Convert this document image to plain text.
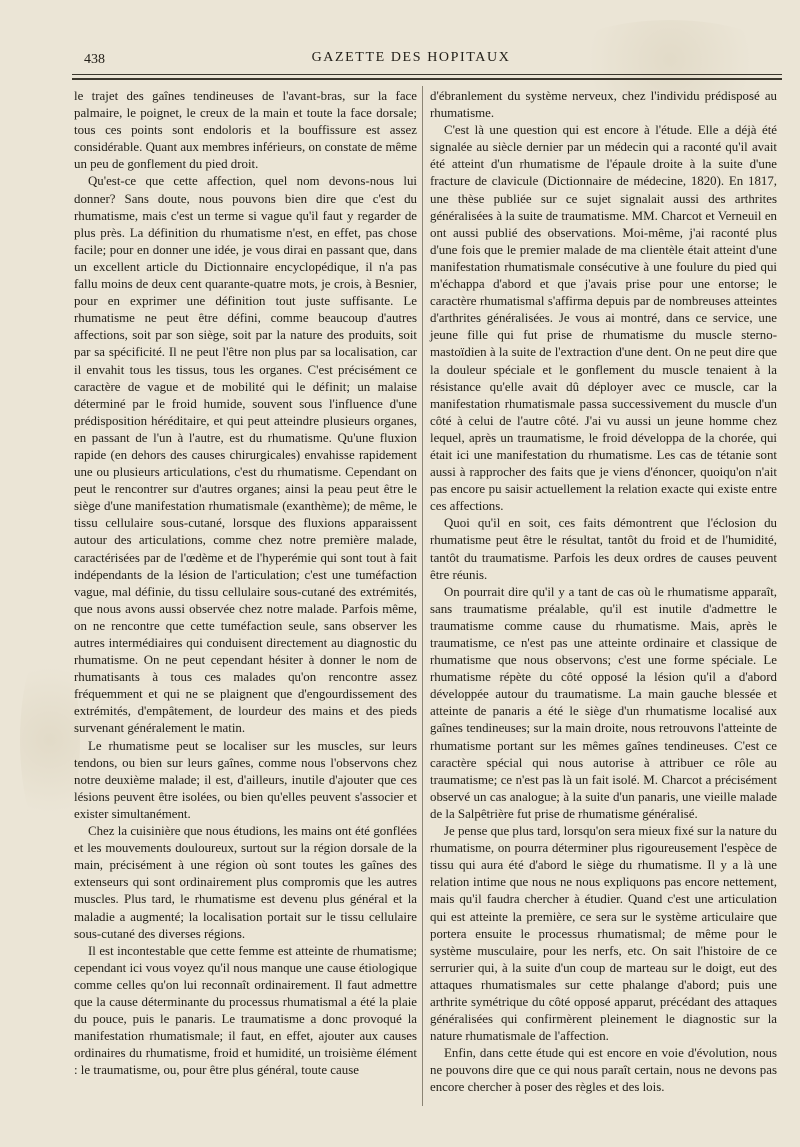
438	GAZETTE DES HOPITAUX

le trajet des gaînes tendineuses de l'avant-bras, sur la face palmaire, le poignet, le creux de la main et toute la face dorsale; tous ces points sont endoloris et la bouffissure est assez considérable. Quant aux membres inférieurs, on constate de même un peu de gonflement du pied droit.

Qu'est-ce que cette affection, quel nom devons-nous lui donner? Sans doute, nous pouvons bien dire que c'est du rhumatisme, mais c'est un terme si vague qu'il faut y regarder de plus près. La définition du rhumatisme n'est, en effet, pas chose facile; pour en donner une idée, je vous dirai en passant que, dans un excellent article du Dictionnaire encyclopédique, il n'a pas fallu moins de deux cent quarante-quatre mots, je crois, à Besnier, pour en exprimer une définition tout juste suffisante. Le rhumatisme ne peut être défini, comme beaucoup d'autres affections, soit par son siège, soit par la nature des produits, soit par sa spécificité. Il ne peut l'être non plus par sa localisation, car il envahit tous les tissus, tous les organes. C'est précisément ce caractère de vague et de mobilité qui le définit; un malaise déterminé par le froid humide, souvent sous l'influence d'une prédisposition héréditaire, et qui peut atteindre plusieurs organes, en passant de l'un à l'autre, est du rhumatisme. Qu'une fluxion rapide (en dehors des causes chirurgicales) envahisse rapidement une ou plusieurs articulations, c'est du rhumatisme. Cependant on peut le rencontrer sur d'autres organes; ainsi la peau peut être le siège d'une manifestation rhumatismale (exanthème); de même, le tissu cellulaire sous-cutané, lorsque des fluxions apparaissent autour des articulations, comme chez notre première malade, caractérisées par de l'œdème et de l'hyperémie qui sont tout à fait indépendants de la lésion de l'articulation; c'est une tuméfaction vague, mal définie, du tissu cellulaire sous-cutané des extrémités, que nous avons aussi observée chez notre malade. Parfois même, on ne rencontre que cette tuméfaction seule, sans observer les autres intermédiaires qui conduisent directement au diagnostic du rhumatisme. On ne peut cependant hésiter à donner le nom de rhumatisants à tous ces malades qu'on rencontre assez fréquemment et qui ne se plaignent que d'engourdissement des extrémités, d'empâtement, de lourdeur des mains et des pieds survenant généralement le matin.

Le rhumatisme peut se localiser sur les muscles, sur leurs tendons, ou bien sur leurs gaînes, comme nous l'observons chez notre deuxième malade; il est, d'ailleurs, inutile d'ajouter que ces lésions peuvent être isolées, ou bien qu'elles peuvent s'associer et exister simultanément.

Chez la cuisinière que nous étudions, les mains ont été gonflées et les mouvements douloureux, surtout sur la région dorsale de la main, précisément à une région où sont toutes les gaînes des extenseurs qui sont ordinairement plus compromis que les autres muscles. Plus tard, le rhumatisme est devenu plus général et la maladie a augmenté; la localisation portait sur le tissu cellulaire sous-cutané des diverses régions.

Il est incontestable que cette femme est atteinte de rhumatisme; cependant ici vous voyez qu'il nous manque une cause étiologique comme celles qu'on lui reconnaît ordinairement. Il faut admettre que la cause déterminante du processus rhumatismal a été la plaie du pouce, puis le panaris. Le traumatisme a donc provoqué la manifestation rhumatismale; il faut, en effet, ajouter aux causes ordinaires du rhumatisme, froid et humidité, un troisième élément : le traumatisme, ou, pour être plus général, toute cause

d'ébranlement du système nerveux, chez l'individu prédisposé au rhumatisme.

C'est là une question qui est encore à l'étude. Elle a déjà été signalée au siècle dernier par un médecin qui a raconté qu'il avait été atteint d'un rhumatisme de l'épaule droite à la suite d'une fracture de clavicule (Dictionnaire de médecine, 1820). En 1817, une thèse publiée sur ce sujet signalait aussi des arthrites généralisées à la suite de traumatisme. MM. Charcot et Verneuil en ont aussi publié des observations. Moi-même, j'ai raconté plus d'une fois que le premier malade de ma clientèle était atteint d'une manifestation rhumatismale consécutive à une foulure du pied qui m'échappa d'abord et que j'avais prise pour une entorse; le caractère rhumatismal s'affirma depuis par de nombreuses atteintes d'arthrites généralisées. Je vous ai montré, dans ce service, une jeune fille qui fut prise de rhumatisme du muscle sterno-mastoïdien à la suite de l'extraction d'une dent. On ne peut dire que la douleur spéciale et le gonflement du muscle tenaient à la résistance qu'elle avait dû déployer avec ce muscle, car la manifestation rhumatismale passa successivement du muscle d'un côté à celui de l'autre côté. J'ai vu aussi un jeune homme chez lequel, après un traumatisme, le froid développa de la chorée, qui était ici une manifestation du rhumatisme. Les cas de tétanie sont aussi à rapprocher des faits que je viens d'énoncer, quoiqu'on n'ait pas encore pu saisir actuellement la relation exacte qui existe entre ces affections.

Quoi qu'il en soit, ces faits démontrent que l'éclosion du rhumatisme peut être le résultat, tantôt du froid et de l'humidité, tantôt du traumatisme. Parfois les deux ordres de causes peuvent être réunis.

On pourrait dire qu'il y a tant de cas où le rhumatisme apparaît, sans traumatisme préalable, qu'il est inutile d'admettre le traumatisme comme cause du rhumatisme. Mais, après le traumatisme, ce n'est pas une atteinte ordinaire et classique de rhumatisme que nous observons; c'est une forme spéciale. Le rhumatisme répète du côté opposé la lésion qu'il a d'abord développée autour du traumatisme. La main gauche blessée et atteinte de panaris a été le siège d'un rhumatisme localisé aux gaînes tendineuses; sur la main droite, nous retrouvons l'atteinte de rhumatisme portant sur les mêmes gaînes tendineuses. C'est ce caractère spécial qui nous autorise à attribuer ce rôle au traumatisme; ce n'est pas là un fait isolé. M. Charcot a précisément observé un cas analogue; à la suite d'un panaris, une vieille malade de la Salpêtrière fut prise de rhumatisme généralisé.

Je pense que plus tard, lorsqu'on sera mieux fixé sur la nature du rhumatisme, on pourra déterminer plus rigoureusement l'espèce de tissu qui aura été d'abord le siège du rhumatisme. Il y a là une relation intime que nous ne nous expliquons pas encore nettement, mais qu'il faudra chercher à étudier. Quand c'est une articulation qui est atteinte la première, ce sera sur le système articulaire que portera ensuite le processus rhumatismal; de même pour le système musculaire, pour les nerfs, etc. On sait l'histoire de ce serrurier qui, à la suite d'un coup de marteau sur le doigt, eut des attaques rhumatismales sur cette phalange d'abord; puis une arthrite symétrique du côté opposé apparut, précédant des attaques généralisées qui confirmèrent pleinement le diagnostic sur la nature rhumatismale de l'affection.

Enfin, dans cette étude qui est encore en voie d'évolution, nous ne pouvons dire que ce qui nous paraît certain, nous ne devons pas encore chercher à poser des règles et des lois.
